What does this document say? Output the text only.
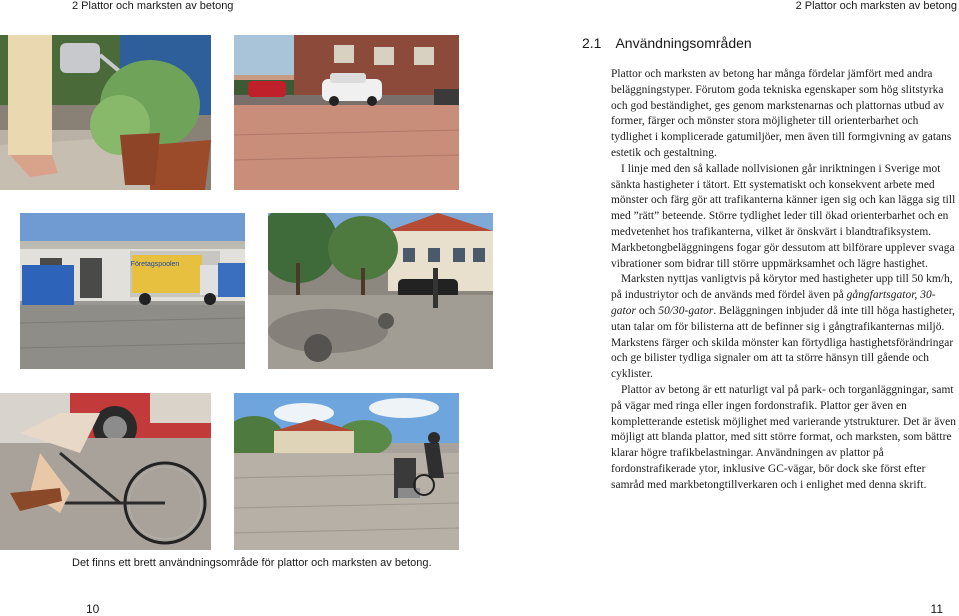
2 Plattor och marksten av betong	2 Plattor och marksten av betong
2.1 Användningsområden
Företagspoolen

Plattor och marksten av betong har många fördelar jämfört med andra beläggningstyper. Förutom goda tekniska egenskaper som hög slitstyrka och god beständighet, ges genom markstenarnas och plattornas utbud av former, färger och mönster stora möjligheter till orienterbarhet och tydlighet i komplicerade gatumiljöer, men även till formgivning av gatans estetik och gestaltning.

I linje med den så kallade nollvisionen går inriktningen i Sverige mot sänkta hastigheter i tätort. Ett systematiskt och konsekvent arbete med mönster och färg gör att trafikanterna känner igen sig och kan lägga sig till med ”rätt” beteende. Större tydlighet leder till ökad orienterbarhet och en medvetenhet hos trafikanterna, vilket är önskvärt i blandtrafiksystem. Markbetongbeläggningens fogar gör dessutom att bilförare upplever svaga vibrationer som bidrar till större uppmärksamhet och lägre hastighet.

Marksten nyttjas vanligtvis på körytor med hastigheter upp till 50 km/h, på industriytor och de används med fördel även på gångfartsgator, 30-gator och 50/30-gator. Beläggningen inbjuder då inte till höga hastigheter, utan talar om för bilisterna att de befinner sig i gångtrafikanternas miljö. Markstens färger och skilda mönster kan förtydliga hastighetsförändringar och ge bilister tydliga signaler om att ta större hänsyn till gående och cyklister.

Plattor av betong är ett naturligt val på park- och torganläggningar, samt på vägar med ringa eller ingen fordonstrafik. Plattor ger även en kompletterande estetisk möjlighet med varierande ytstrukturer. Det är även möjligt att blanda plattor, med sitt större format, och marksten, som bättre klarar högre trafikbelastningar. Användningen av plattor på fordonstrafikerade ytor, inklusive GC-vägar, bör dock ske först efter samråd med markbetongtillverkaren och i enlighet med denna skrift.

Det finns ett brett användningsområde för plattor och marksten av betong.
10	11
